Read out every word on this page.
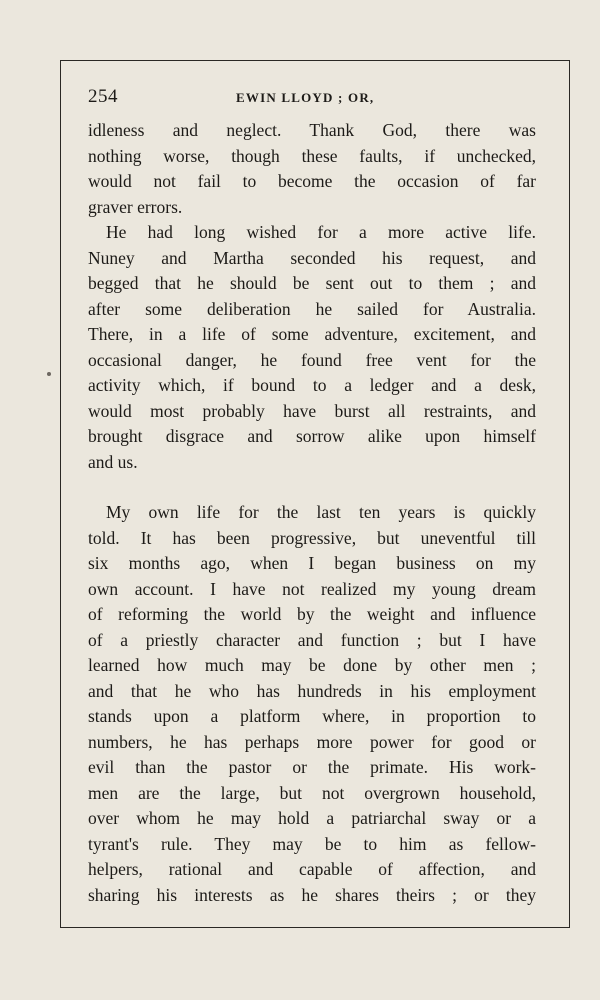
254	EWIN LLOYD ; OR,
idleness and neglect. Thank God, there was
nothing worse, though these faults, if unchecked,
would not fail to become the occasion of far
graver errors.
He had long wished for a more active life.
Nuney and Martha seconded his request, and
begged that he should be sent out to them ; and
after some deliberation he sailed for Australia.
There, in a life of some adventure, excitement, and
occasional danger, he found free vent for the
activity which, if bound to a ledger and a desk,
would most probably have burst all restraints, and
brought disgrace and sorrow alike upon himself
and us.
My own life for the last ten years is quickly
told. It has been progressive, but uneventful till
six months ago, when I began business on my
own account. I have not realized my young dream
of reforming the world by the weight and influence
of a priestly character and function ; but I have
learned how much may be done by other men ;
and that he who has hundreds in his employment
stands upon a platform where, in proportion to
numbers, he has perhaps more power for good or
evil than the pastor or the primate. His work-
men are the large, but not overgrown household,
over whom he may hold a patriarchal sway or a
tyrant's rule. They may be to him as fellow-
helpers, rational and capable of affection, and
sharing his interests as he shares theirs ; or they
